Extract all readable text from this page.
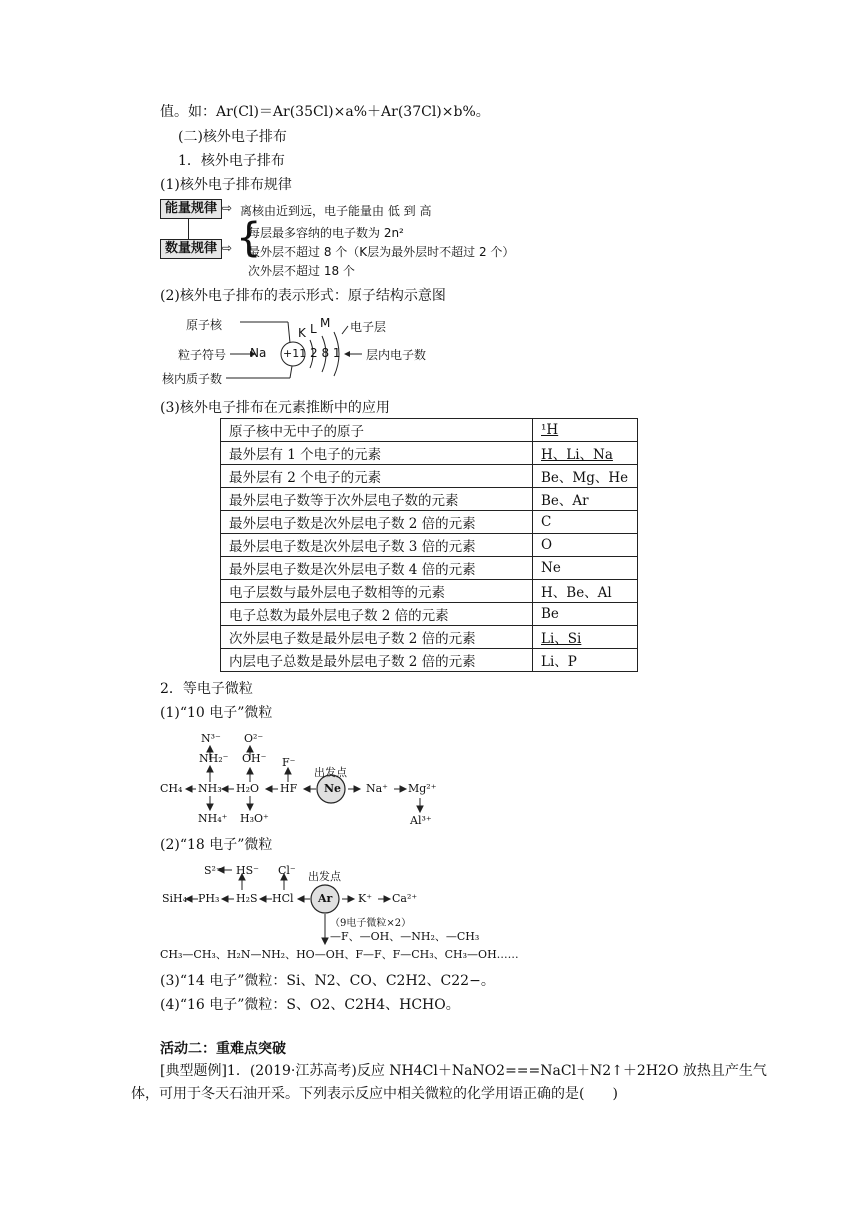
值。如：Ar(Cl)＝Ar(35Cl)×a%＋Ar(37Cl)×b%。
(二)核外电子排布
1．核外电子排布
(1)核外电子排布规律
能量规律 ⇨ 离核由近到远，电子能量由 低 到 高
数量规律 ⇨ {
每层最多容纳的电子数为 2n²
最外层不超过 8 个（K层为最外层时不超过 2 个）
次外层不超过 18 个
(2)核外电子排布的表示形式：原子结构示意图
原子核
K L M 电子层
粒子符号 Na +11 2 8 1 层内电子数
核内质子数
(3)核外电子排布在元素推断中的应用
原子核中无中子的原子	¹H
最外层有 1 个电子的元素	H、Li、Na
最外层有 2 个电子的元素	Be、Mg、He
最外层电子数等于次外层电子数的元素	Be、Ar
最外层电子数是次外层电子数 2 倍的元素	C
最外层电子数是次外层电子数 3 倍的元素	O
最外层电子数是次外层电子数 4 倍的元素	Ne
电子层数与最外层电子数相等的元素	H、Be、Al
电子总数为最外层电子数 2 倍的元素	Be
次外层电子数是最外层电子数 2 倍的元素	Li、Si
内层电子总数是最外层电子数 2 倍的元素	Li、P
2．等电子微粒
(1)“10 电子”微粒
N³⁻
NH₂⁻
O²⁻
OH⁻ F⁻
出发点
CH₄ NH₃ H₂O HF Ne Na⁺ Mg²⁺
NH₄⁺ H₃O⁺	Al³⁺
(2)“18 电子”微粒
S²⁻ HS⁻ Cl⁻ 出发点
SiH₄ PH₃ H₂S HCl Ar K⁺ Ca²⁺
（9电子微粒×2）
—F、—OH、—NH₂、—CH₃
CH₃—CH₃、H₂N—NH₂、HO—OH、F—F、F—CH₃、CH₃—OH……
(3)“14 电子”微粒：Si、N2、CO、C2H2、C22−。
(4)“16 电子”微粒：S、O2、C2H4、HCHO。
活动二：重难点突破
[典型题例]1．(2019·江苏高考)反应 NH4Cl＋NaNO2===NaCl＋N2↑＋2H2O 放热且产生气
体，可用于冬天石油开采。下列表示反应中相关微粒的化学用语正确的是(　　)
